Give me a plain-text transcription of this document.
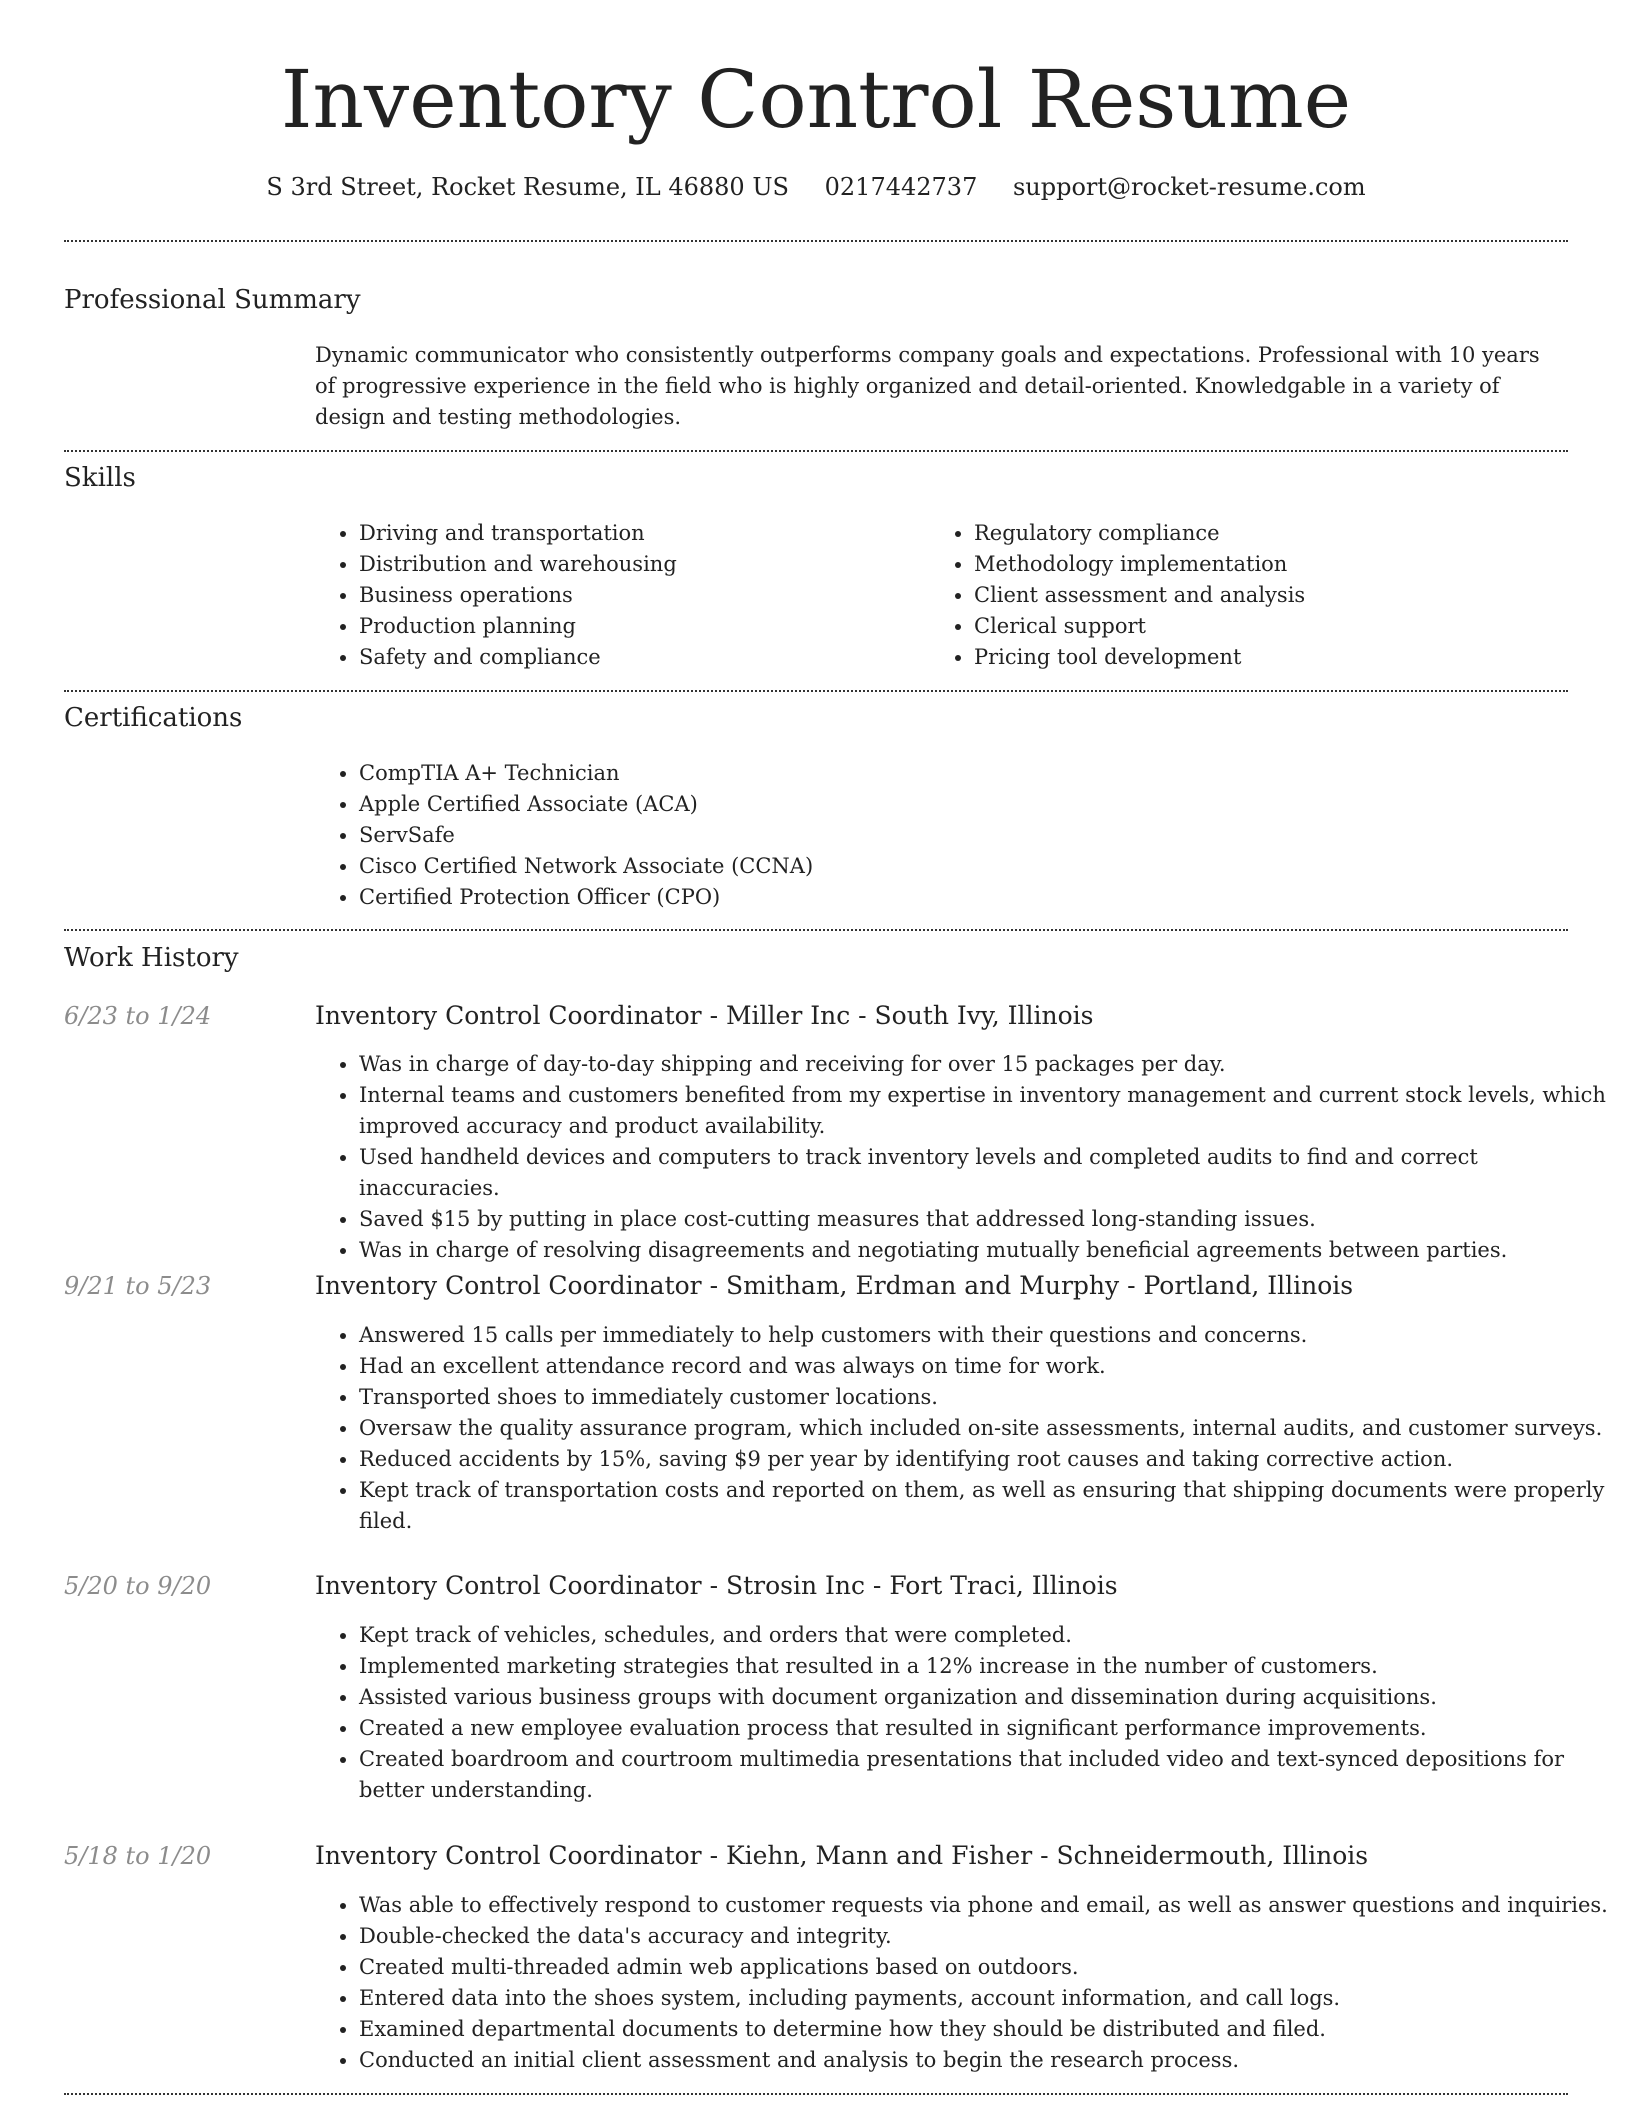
Inventory Control Resume
S 3rd Street, Rocket Resume, IL 46880 US 0217442737 support@rocket-resume.com
Professional Summary

Dynamic communicator who consistently outperforms company goals and expectations. Professional with 10 years of progressive experience in the field who is highly organized and detail-oriented. Knowledgable in a variety of design and testing methodologies.

Skills
• Driving and transportation
• Distribution and warehousing
• Business operations
• Production planning
• Safety and compliance
• Regulatory compliance
• Methodology implementation
• Client assessment and analysis
• Clerical support
• Pricing tool development
Certifications
• CompTIA A+ Technician
• Apple Certified Associate (ACA)
• ServSafe
• Cisco Certified Network Associate (CCNA)
• Certified Protection Officer (CPO)
Work History
6/23 to 1/24	Inventory Control Coordinator - Miller Inc - South Ivy, Illinois
• Was in charge of day-to-day shipping and receiving for over 15 packages per day.
• Internal teams and customers benefited from my expertise in inventory management and current stock levels, which improved accuracy and product availability.
• Used handheld devices and computers to track inventory levels and completed audits to find and correct inaccuracies.
• Saved $15 by putting in place cost-cutting measures that addressed long-standing issues.
• Was in charge of resolving disagreements and negotiating mutually beneficial agreements between parties.
9/21 to 5/23	Inventory Control Coordinator - Smitham, Erdman and Murphy - Portland, Illinois
• Answered 15 calls per immediately to help customers with their questions and concerns.
• Had an excellent attendance record and was always on time for work.
• Transported shoes to immediately customer locations.
• Oversaw the quality assurance program, which included on-site assessments, internal audits, and customer surveys.
• Reduced accidents by 15%, saving $9 per year by identifying root causes and taking corrective action.
• Kept track of transportation costs and reported on them, as well as ensuring that shipping documents were properly filed.
5/20 to 9/20	Inventory Control Coordinator - Strosin Inc - Fort Traci, Illinois
• Kept track of vehicles, schedules, and orders that were completed.
• Implemented marketing strategies that resulted in a 12% increase in the number of customers.
• Assisted various business groups with document organization and dissemination during acquisitions.
• Created a new employee evaluation process that resulted in significant performance improvements.
• Created boardroom and courtroom multimedia presentations that included video and text-synced depositions for better understanding.
5/18 to 1/20	Inventory Control Coordinator - Kiehn, Mann and Fisher - Schneidermouth, Illinois
• Was able to effectively respond to customer requests via phone and email, as well as answer questions and inquiries.
• Double-checked the data's accuracy and integrity.
• Created multi-threaded admin web applications based on outdoors.
• Entered data into the shoes system, including payments, account information, and call logs.
• Examined departmental documents to determine how they should be distributed and filed.
• Conducted an initial client assessment and analysis to begin the research process.
